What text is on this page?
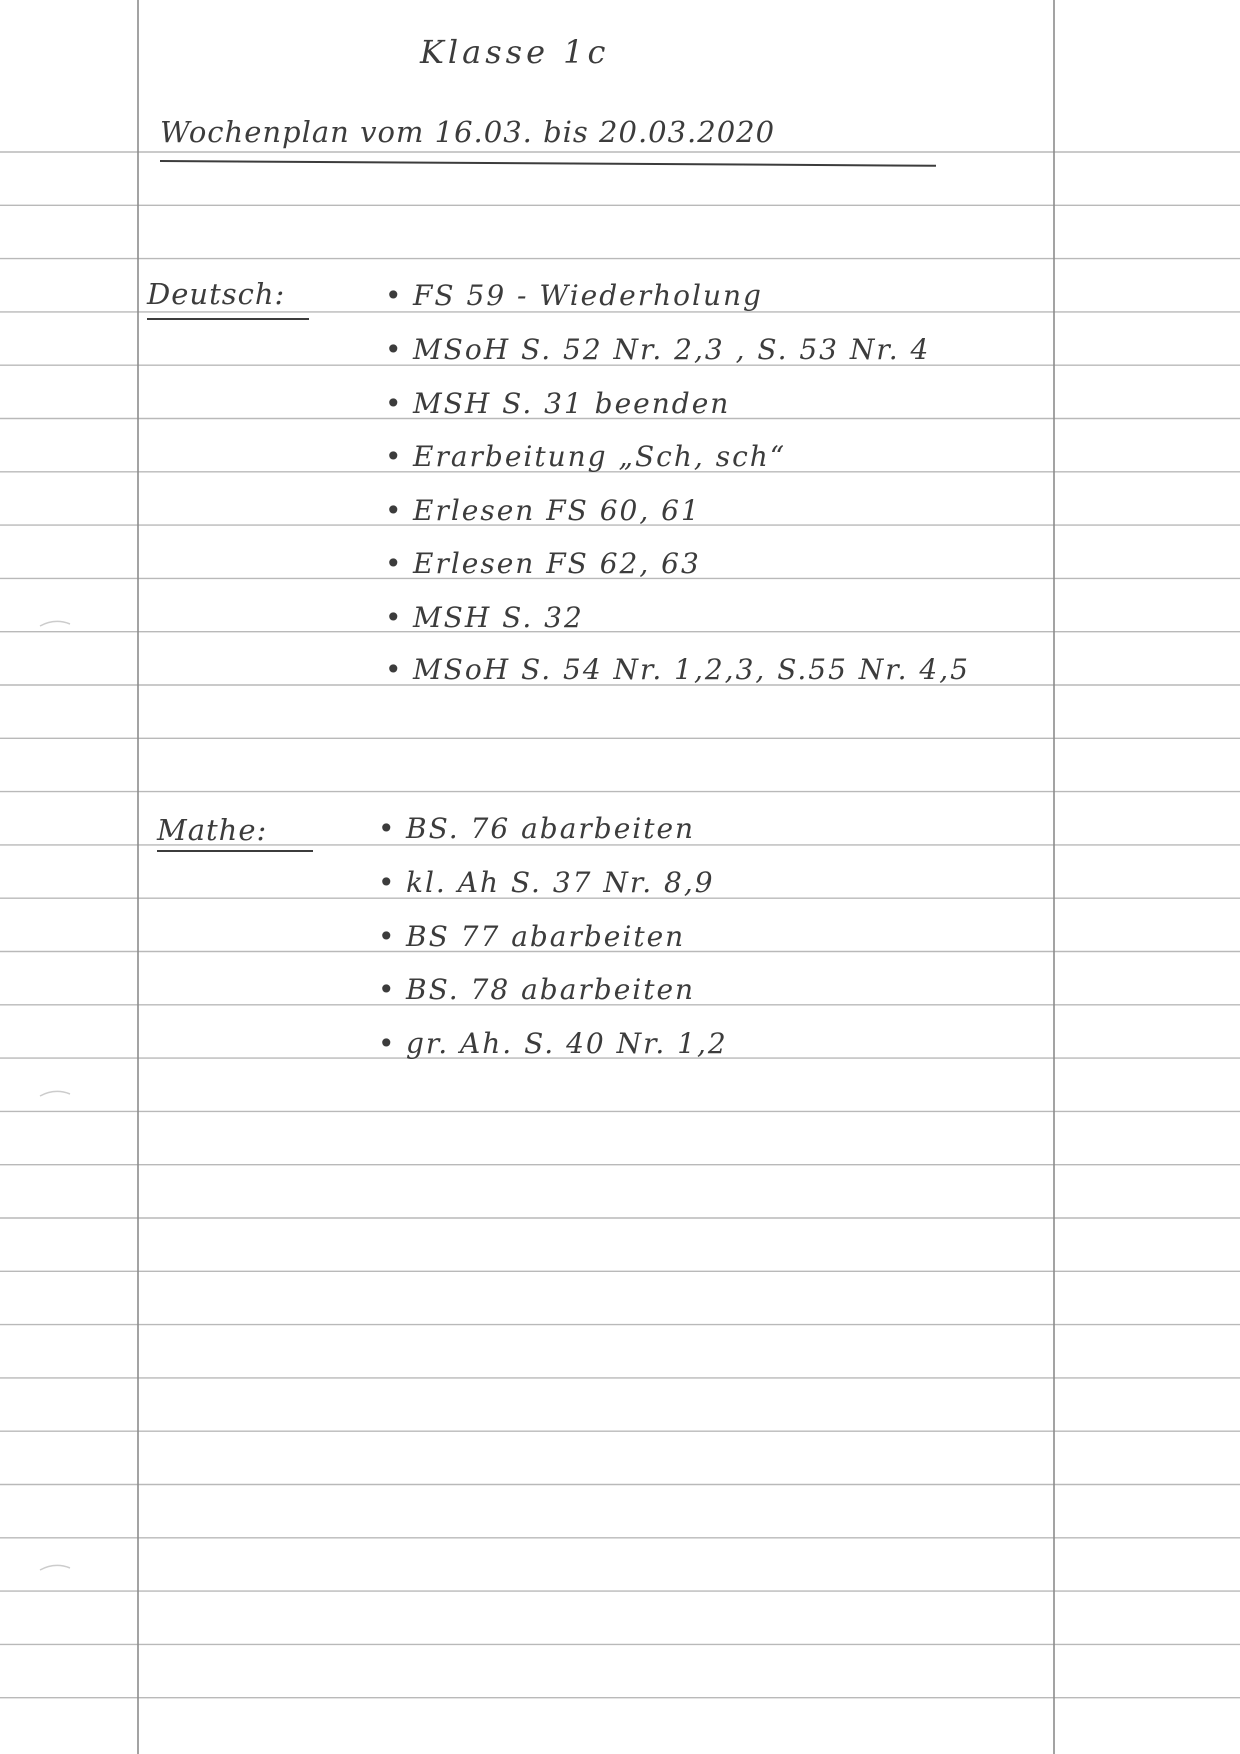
Klasse 1c

Wochenplan vom 16.03. bis 20.03.2020

Deutsch:	• FS 59 - Wiederholung

• MSoH S. 52 Nr. 2,3 , S. 53 Nr. 4

• MSH S. 31 beenden

• Erarbeitung „Sch, sch“

• Erlesen FS 60, 61

• Erlesen FS 62, 63

• MSH S. 32

• MSoH S. 54 Nr. 1,2,3, S.55 Nr. 4,5

Mathe:	• BS. 76 abarbeiten

• kl. Ah S. 37 Nr. 8,9

• BS 77 abarbeiten

• BS. 78 abarbeiten

• gr. Ah. S. 40 Nr. 1,2
